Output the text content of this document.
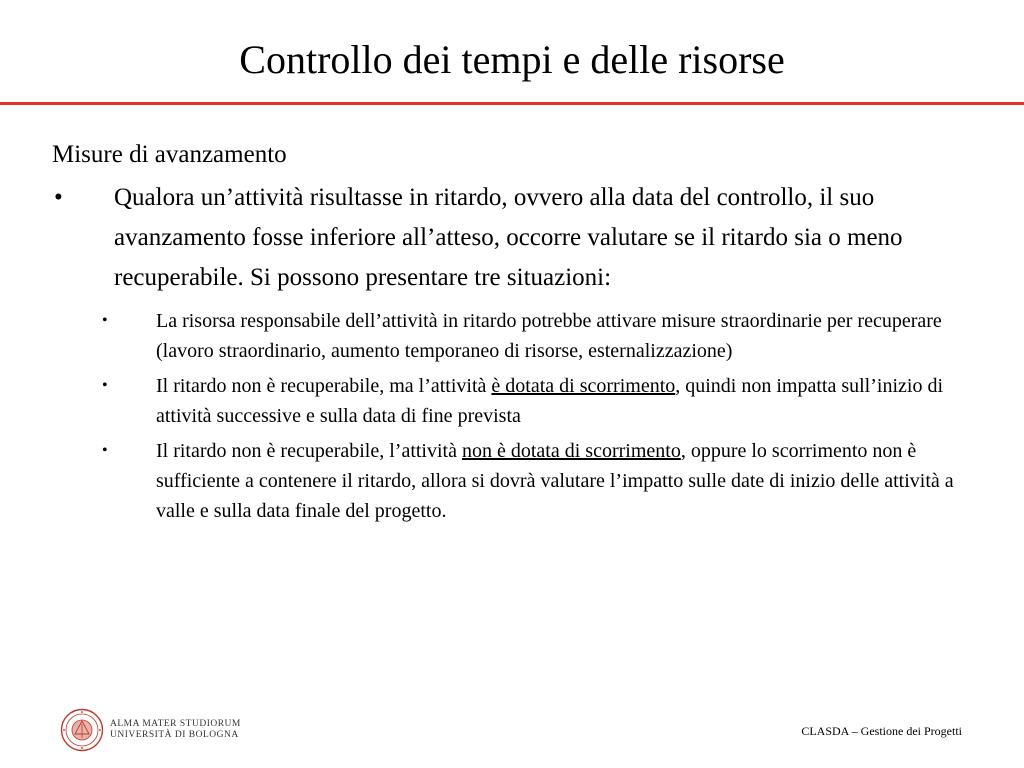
Controllo dei tempi e delle risorse
Misure di avanzamento
• Qualora un’attività risultasse in ritardo, ovvero alla data del controllo, il suo avanzamento fosse inferiore all’atteso, occorre valutare se il ritardo sia o meno recuperabile. Si possono presentare tre situazioni:
• La risorsa responsabile dell’attività in ritardo potrebbe attivare misure straordinarie per recuperare (lavoro straordinario, aumento temporaneo di risorse, esternalizzazione)
• Il ritardo non è recuperabile, ma l’attività è dotata di scorrimento, quindi non impatta sull’inizio di attività successive e sulla data di fine prevista
• Il ritardo non è recuperabile, l’attività non è dotata di scorrimento, oppure lo scorrimento non è sufficiente a contenere il ritardo, allora si dovrà valutare l’impatto sulle date di inizio delle attività a valle e sulla data finale del progetto.
ALMA MATER STUDIORUM
UNIVERSITÀ DI BOLOGNA	CLASDA – Gestione dei Progetti
